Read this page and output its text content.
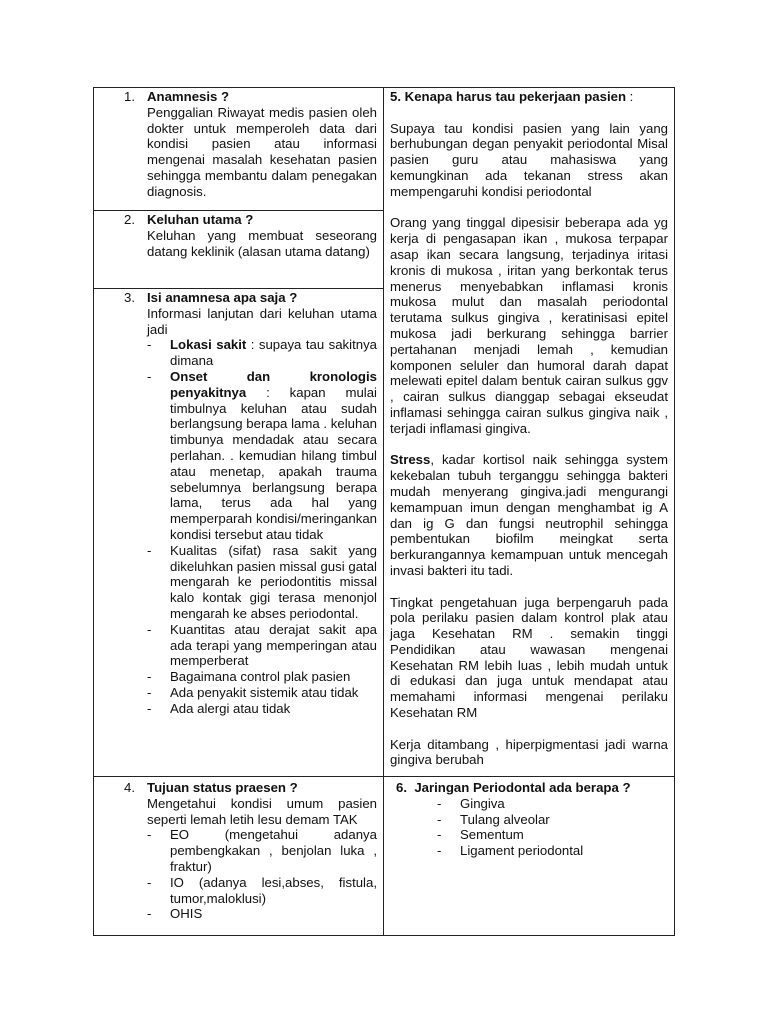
1. Anamnesis ?
Penggalian Riwayat medis pasien oleh dokter untuk memperoleh data dari kondisi pasien atau informasi mengenai masalah kesehatan pasien sehingga membantu dalam penegakan diagnosis.
2. Keluhan utama ?
Keluhan yang membuat seseorang datang keklinik (alasan utama datang)
3. Isi anamnesa apa saja ?
Informasi lanjutan dari keluhan utama jadi
- Lokasi sakit : supaya tau sakitnya dimana
- Onset dan kronologis penyakitnya : kapan mulai timbulnya keluhan atau sudah berlangsung berapa lama . keluhan timbunya mendadak atau secara perlahan. . kemudian hilang timbul atau menetap, apakah trauma sebelumnya berlangsung berapa lama, terus ada hal yang memperparah kondisi/meringankan kondisi tersebut atau tidak
- Kualitas (sifat) rasa sakit yang dikeluhkan pasien missal gusi gatal mengarah ke periodontitis missal kalo kontak gigi terasa menonjol mengarah ke abses periodontal.
- Kuantitas atau derajat sakit apa ada terapi yang memperingan atau memperberat
- Bagaimana control plak pasien
- Ada penyakit sistemik atau tidak
- Ada alergi atau tidak
4. Tujuan status praesen ?
Mengetahui kondisi umum pasien seperti lemah letih lesu demam TAK
- EO (mengetahui adanya pembengkakan , benjolan luka , fraktur)
- IO (adanya lesi,abses, fistula, tumor,maloklusi)
- OHIS

5. Kenapa harus tau pekerjaan pasien :

Supaya tau kondisi pasien yang lain yang berhubungan degan penyakit periodontal Misal pasien guru atau mahasiswa yang kemungkinan ada tekanan stress akan mempengaruhi kondisi periodontal

Orang yang tinggal dipesisir beberapa ada yg kerja di pengasapan ikan , mukosa terpapar asap ikan secara langsung, terjadinya iritasi kronis di mukosa , iritan yang berkontak terus menerus menyebabkan inflamasi kronis mukosa mulut dan masalah periodontal terutama sulkus gingiva , keratinisasi epitel mukosa jadi berkurang sehingga barrier pertahanan menjadi lemah , kemudian komponen seluler dan humoral darah dapat melewati epitel dalam bentuk cairan sulkus ggv , cairan sulkus dianggap sebagai ekseudat inflamasi sehingga cairan sulkus gingiva naik , terjadi inflamasi gingiva.

Stress, kadar kortisol naik sehingga system kekebalan tubuh terganggu sehingga bakteri mudah menyerang gingiva.jadi mengurangi kemampuan imun dengan menghambat ig A dan ig G dan fungsi neutrophil sehingga pembentukan biofilm meingkat serta berkurangannya kemampuan untuk mencegah invasi bakteri itu tadi.

Tingkat pengetahuan juga berpengaruh pada pola perilaku pasien dalam kontrol plak atau jaga Kesehatan RM . semakin tinggi Pendidikan atau wawasan mengenai Kesehatan RM lebih luas , lebih mudah untuk di edukasi dan juga untuk mendapat atau memahami informasi mengenai perilaku Kesehatan RM

Kerja ditambang , hiperpigmentasi jadi warna gingiva berubah

6. Jaringan Periodontal ada berapa ?
- Gingiva
- Tulang alveolar
- Sementum
- Ligament periodontal
